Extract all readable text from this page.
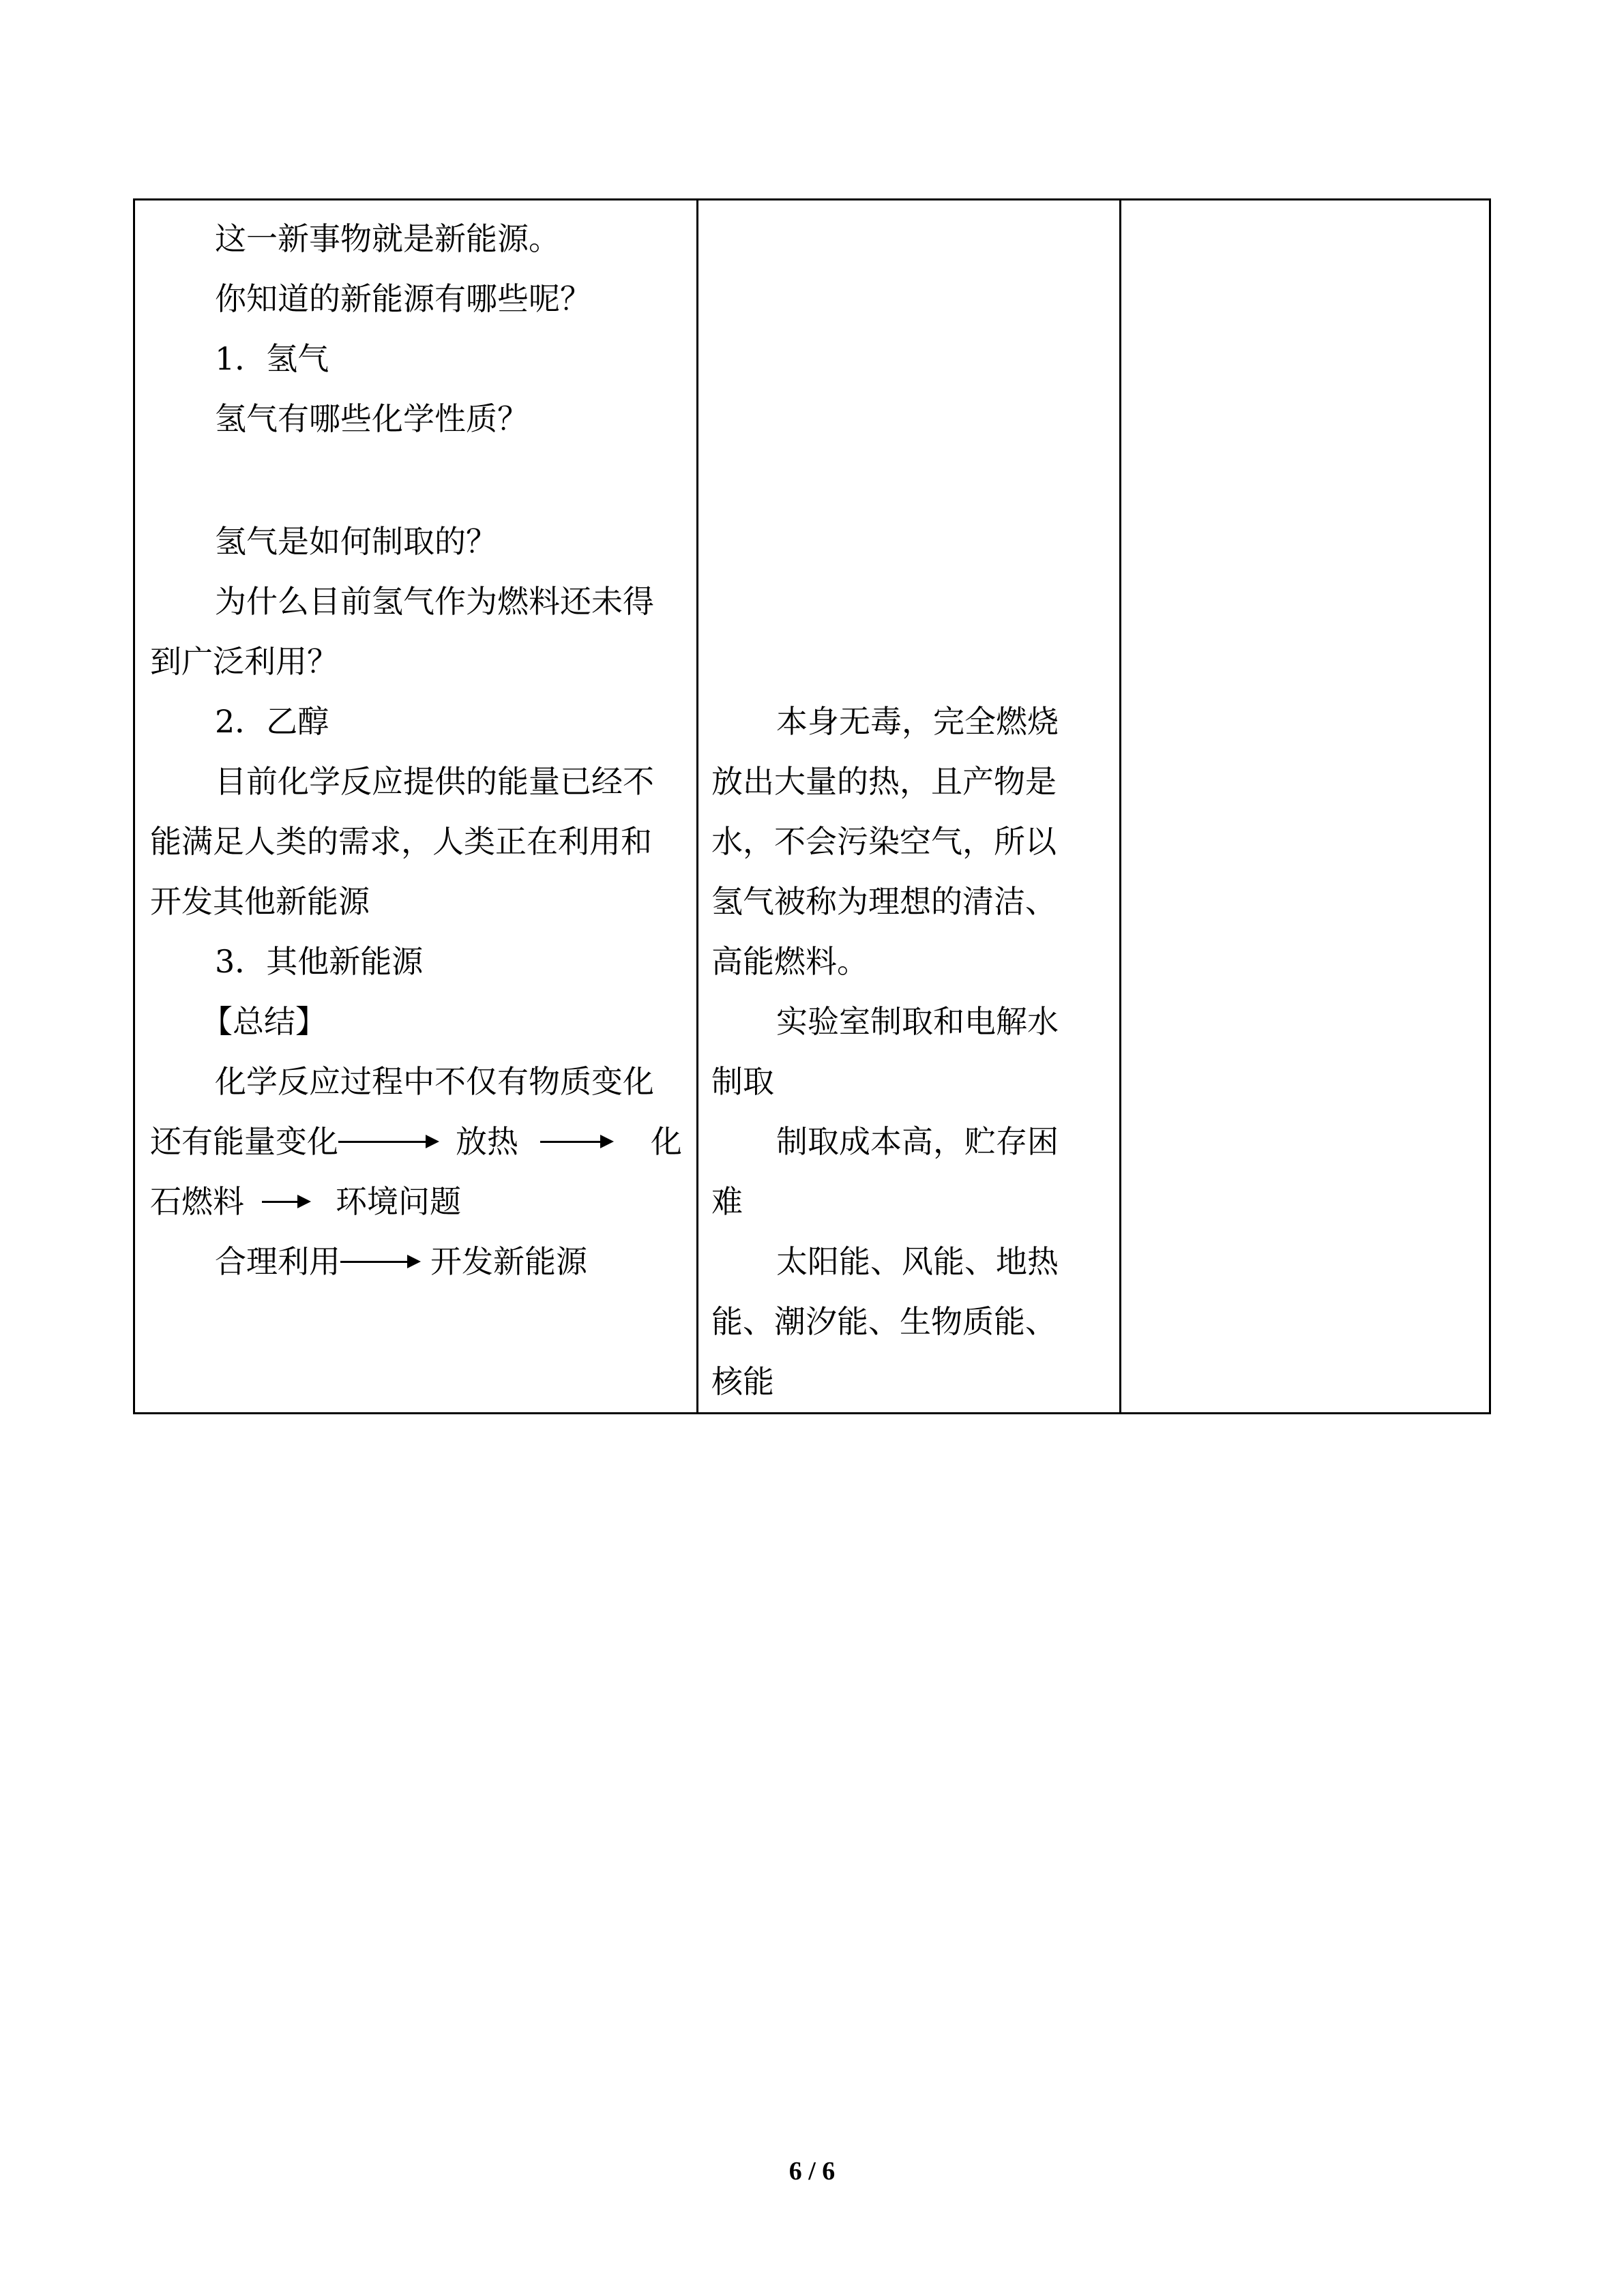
这一新事物就是新能源。
你知道的新能源有哪些呢？
1．氢气
氢气有哪些化学性质？
氢气是如何制取的？
为什么目前氢气作为燃料还未得
到广泛利用？
2．乙醇
目前化学反应提供的能量已经不
能满足人类的需求，人类正在利用和
开发其他新能源
3．其他新能源
【总结】
化学反应过程中不仅有物质变化
还有能量变化	放热	化
石燃料	环境问题
合理利用	开发新能源
本身无毒，完全燃烧
放出大量的热，且产物是
水，不会污染空气，所以
氢气被称为理想的清洁、
高能燃料。
实验室制取和电解水
制取
制取成本高，贮存困
难
太阳能、风能、地热
能、潮汐能、生物质能、
核能
6 / 6
